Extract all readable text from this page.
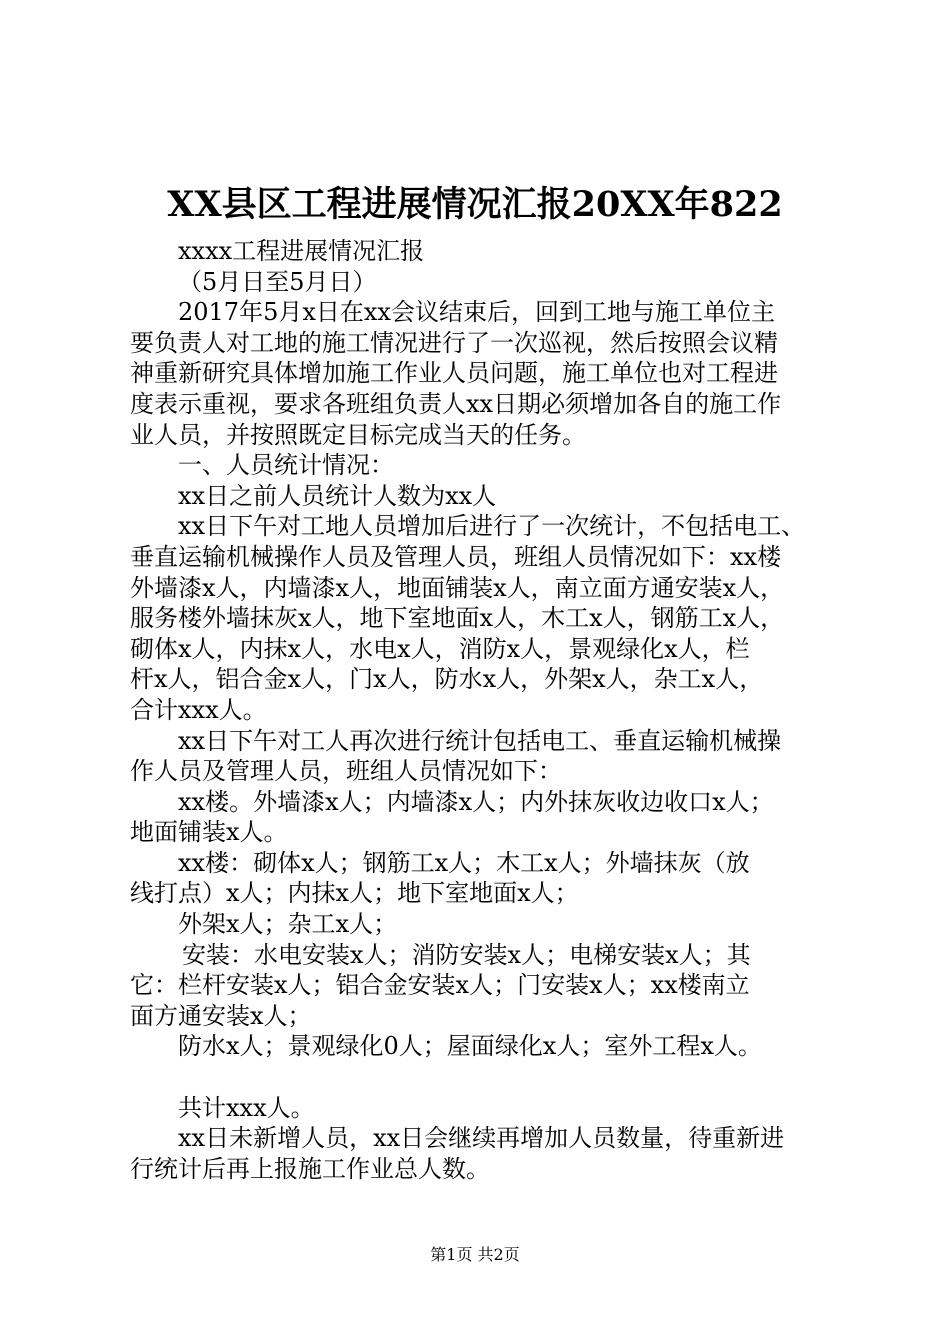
XX县区工程进展情况汇报20XX年822
xxxx工程进展情况汇报
（5月日至5月日）
2017年5月x日在xx会议结束后，回到工地与施工单位主
要负责人对工地的施工情况进行了一次巡视，然后按照会议精
神重新研究具体增加施工作业人员问题，施工单位也对工程进
度表示重视，要求各班组负责人xx日期必须增加各自的施工作
业人员，并按照既定目标完成当天的任务。
一、人员统计情况：
xx日之前人员统计人数为xx人
xx日下午对工地人员增加后进行了一次统计，不包括电工、
垂直运输机械操作人员及管理人员，班组人员情况如下：xx楼
外墙漆x人，内墙漆x人，地面铺装x人，南立面方通安装x人，
服务楼外墙抹灰x人，地下室地面x人，木工x人，钢筋工x人，
砌体x人，内抹x人，水电x人，消防x人，景观绿化x人，栏
杆x人，铝合金x人，门x人，防水x人，外架x人，杂工x人，
合计xxx人。
xx日下午对工人再次进行统计包括电工、垂直运输机械操
作人员及管理人员，班组人员情况如下：
xx楼。外墙漆x人；内墙漆x人；内外抹灰收边收口x人；
地面铺装x人。
xx楼：砌体x人；钢筋工x人；木工x人；外墙抹灰（放
线打点）x人；内抹x人；地下室地面x人；
外架x人；杂工x人；
安装：水电安装x人；消防安装x人；电梯安装x人；其
它：栏杆安装x人；铝合金安装x人；门安装x人；xx楼南立
面方通安装x人；
防水x人；景观绿化0人；屋面绿化x人；室外工程x人。
共计xxx人。
xx日未新增人员，xx日会继续再增加人员数量，待重新进
行统计后再上报施工作业总人数。
第1页 共2页
